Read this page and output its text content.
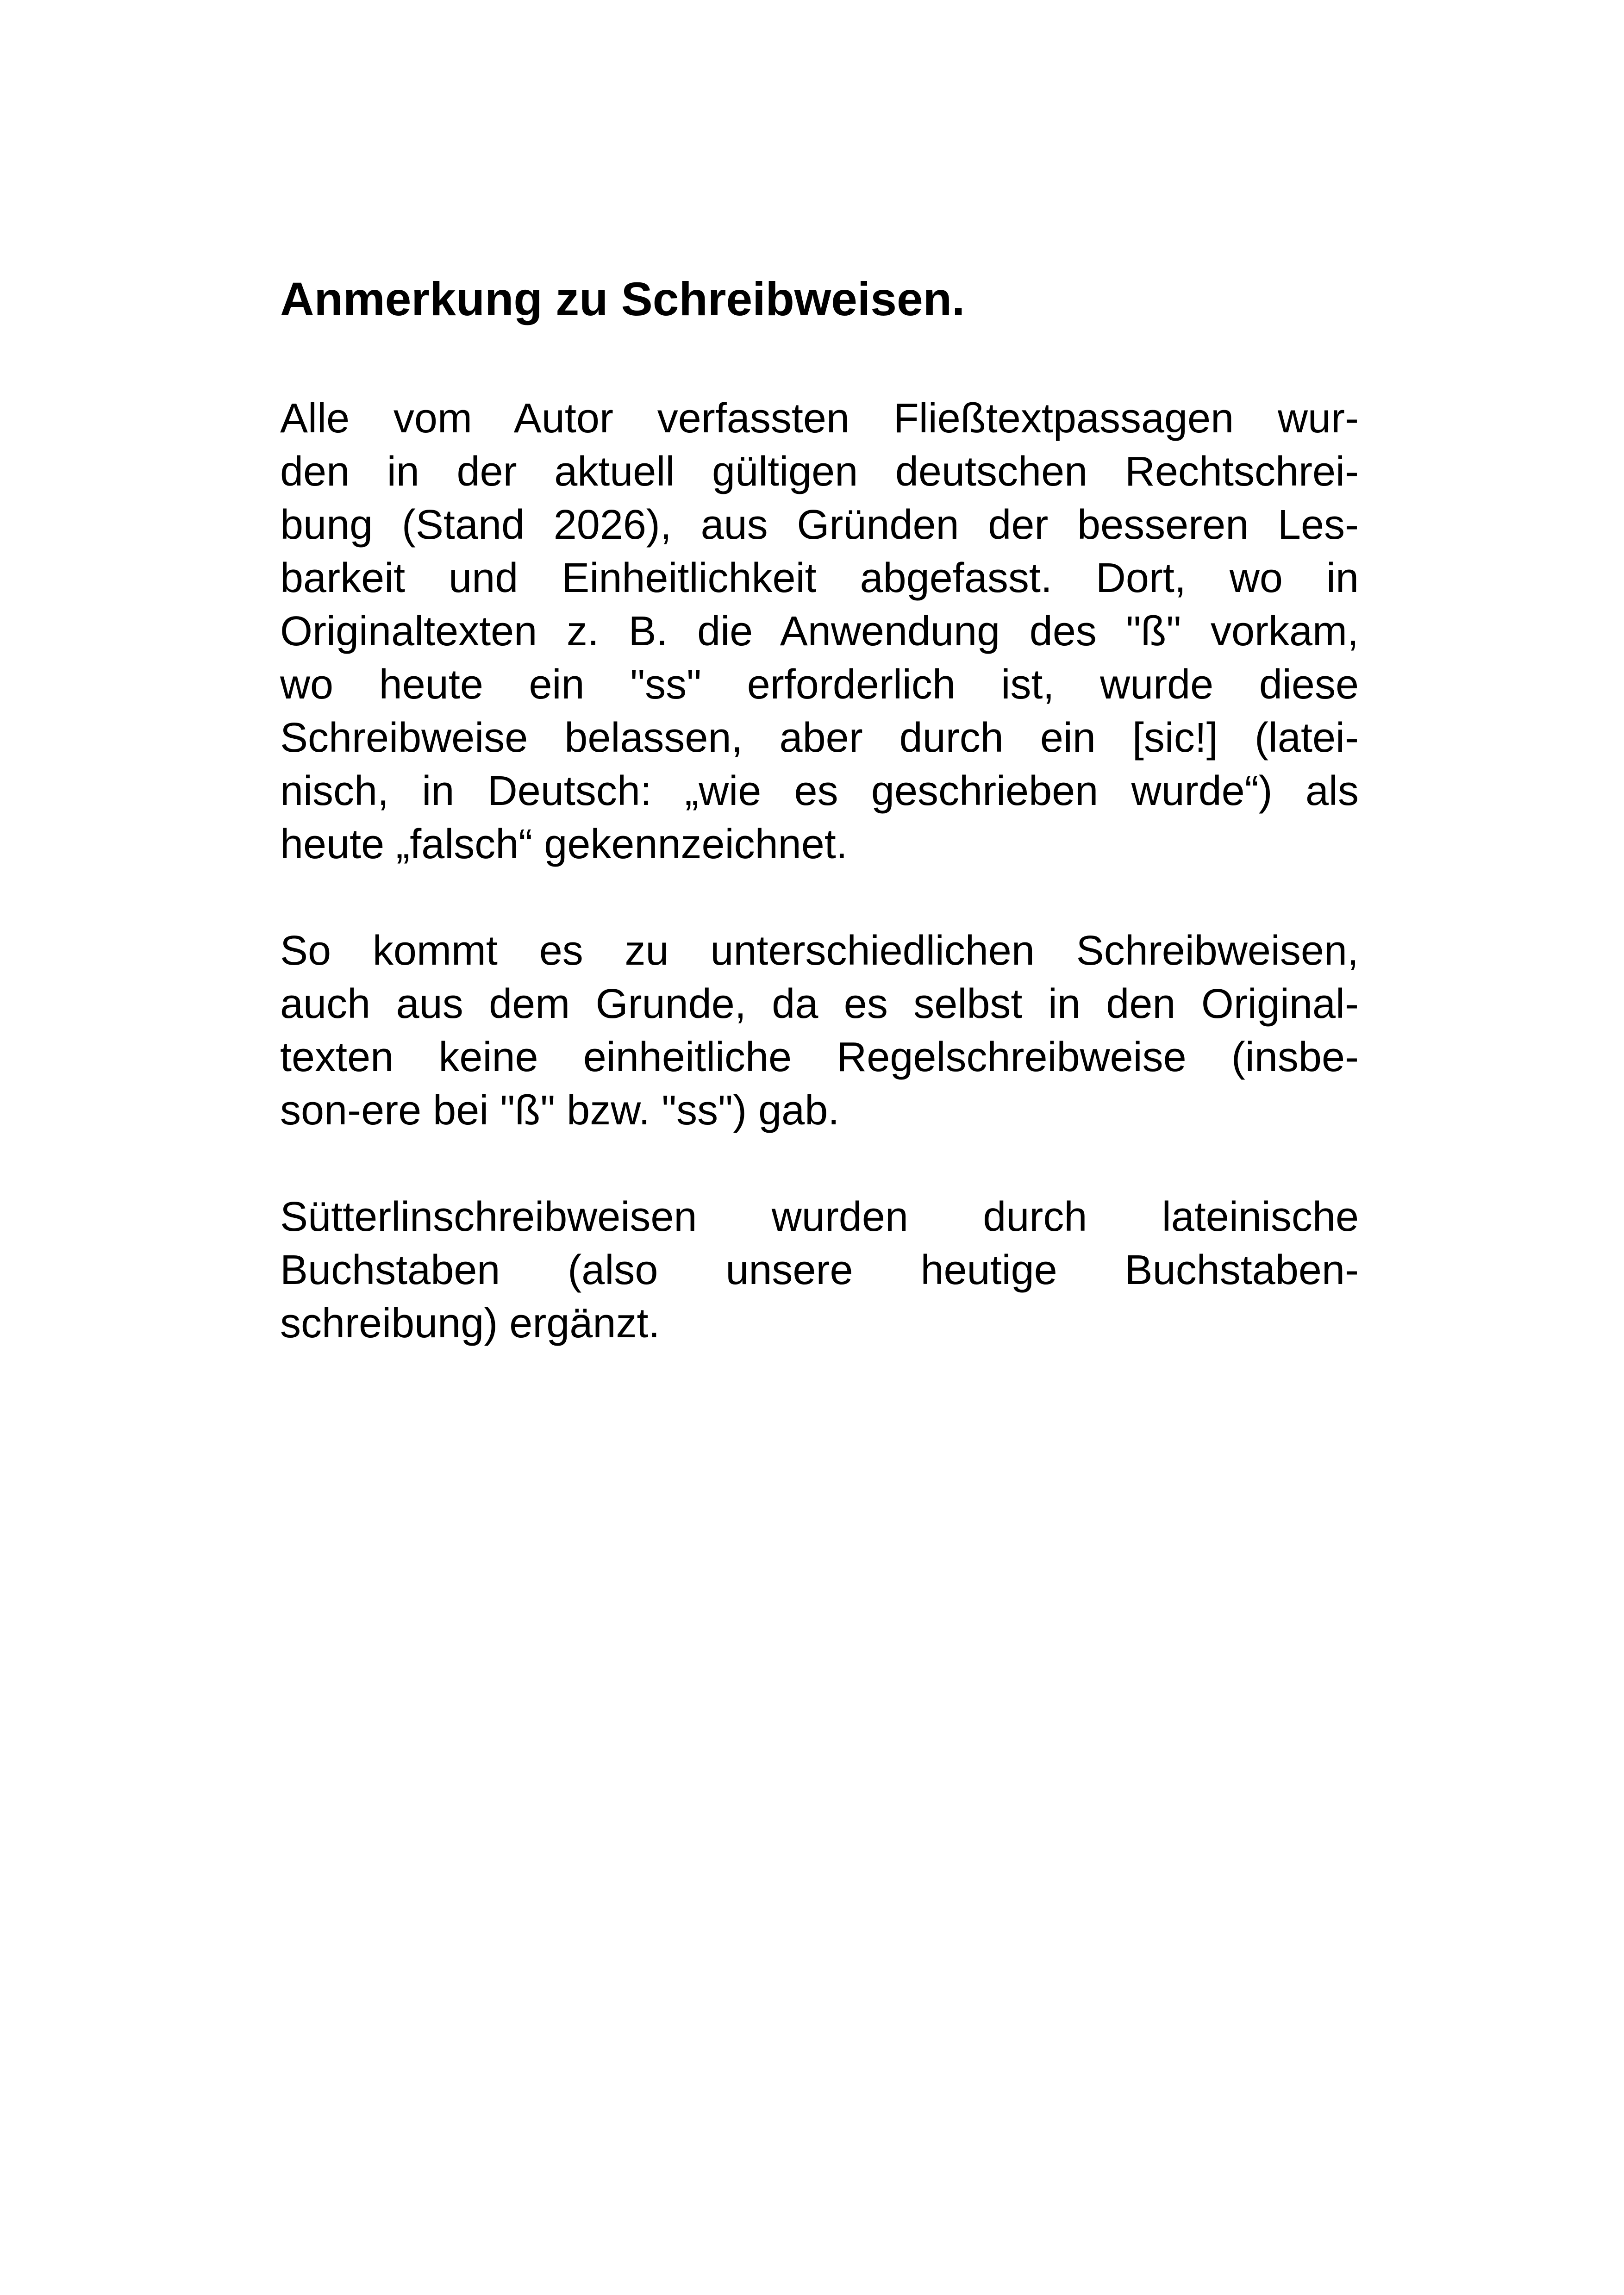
Anmerkung zu Schreibweisen.
Alle vom Autor verfassten Fließtextpassagen wur-
den in der aktuell gültigen deutschen Rechtschrei-
bung (Stand 2026), aus Gründen der besseren Les-
barkeit und Einheitlichkeit abgefasst. Dort, wo in
Originaltexten z. B. die Anwendung des "ß" vorkam,
wo heute ein "ss" erforderlich ist, wurde diese
Schreibweise belassen, aber durch ein [sic!] (latei-
nisch, in Deutsch: „wie es geschrieben wurde“) als
heute „falsch“ gekennzeichnet.
So kommt es zu unterschiedlichen Schreibweisen,
auch aus dem Grunde, da es selbst in den Original-
texten keine einheitliche Regelschreibweise (insbe-
son-ere bei "ß" bzw. "ss") gab.
Sütterlinschreibweisen wurden durch lateinische
Buchstaben (also unsere heutige Buchstaben-
schreibung) ergänzt.
